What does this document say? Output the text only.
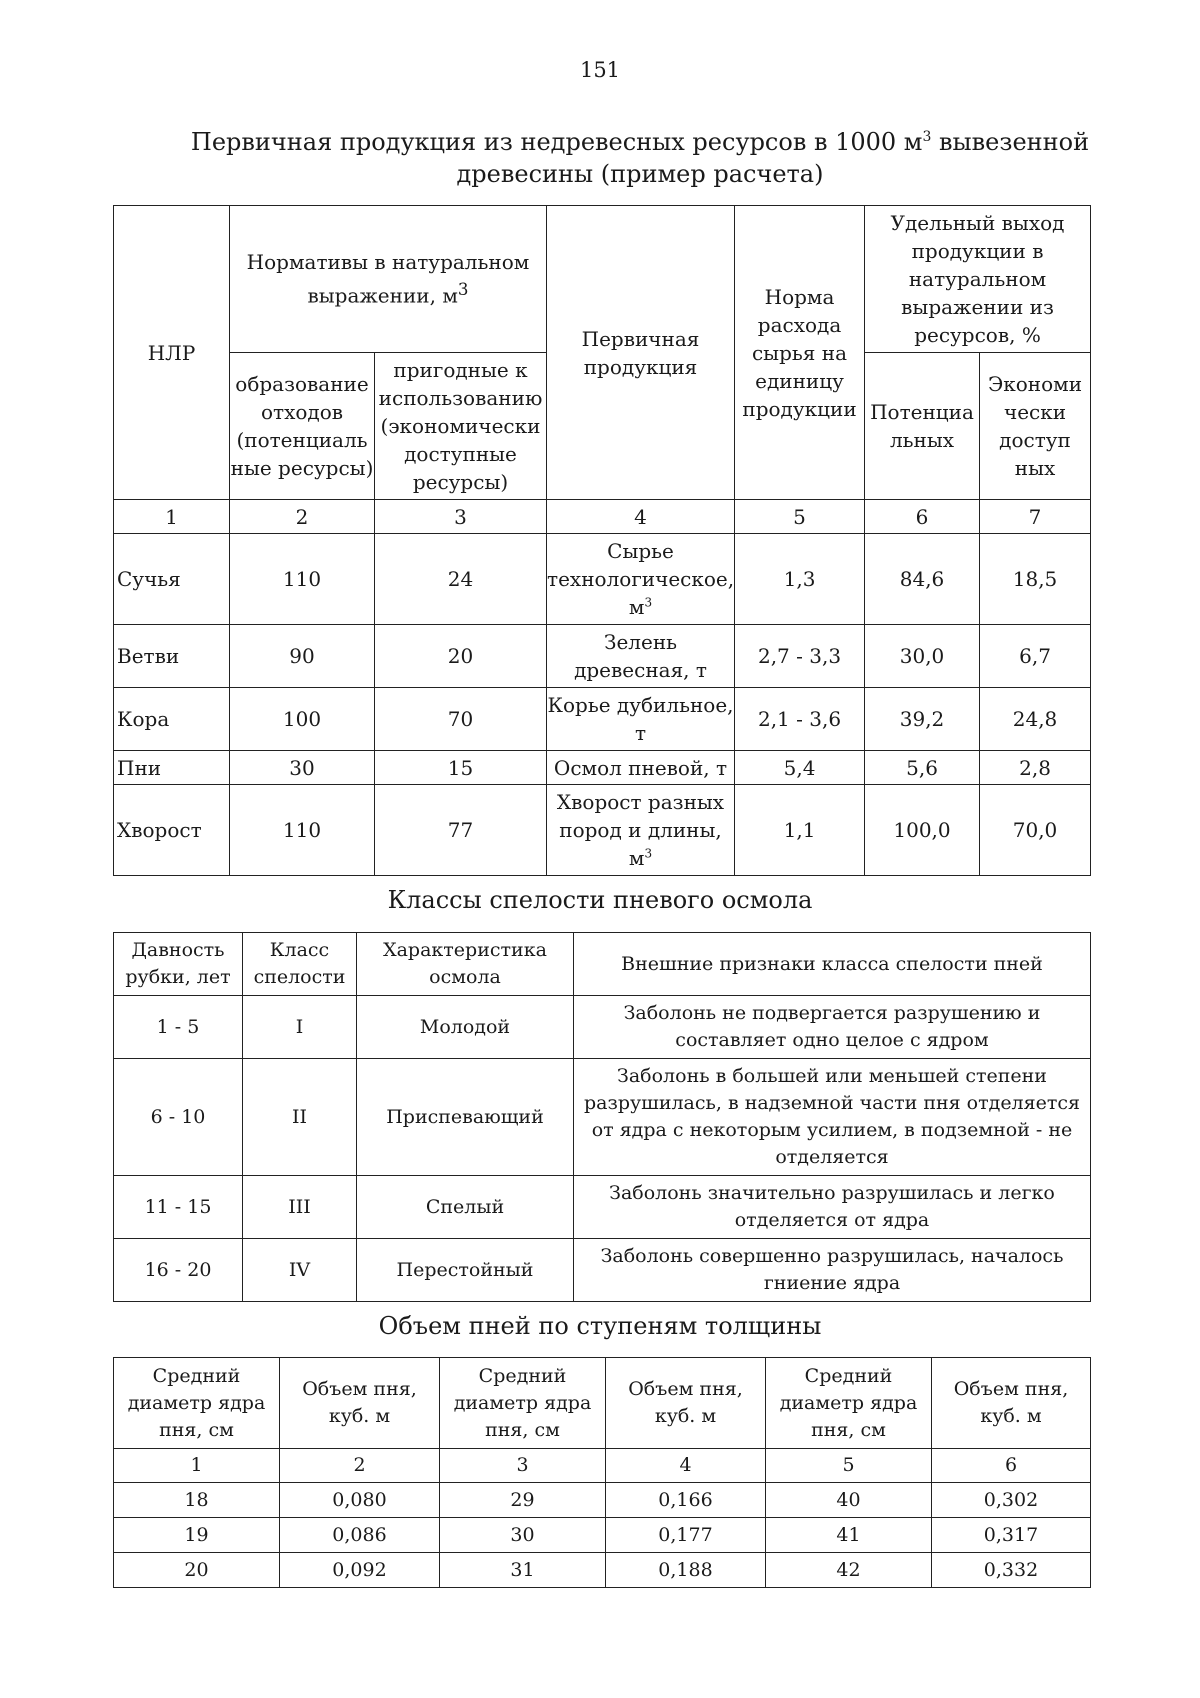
151
Первичная продукция из недревесных ресурсов в 1000 $м^3$ вывезенной
древесины (пример расчета)
НЛР	Нормативы в натуральном выражении, $м^3$		Первичная продукция	Норма расхода сырья на единицу продукции	Удельный выход продукции в натуральном выражении из ресурсов, %	
	образование отходов (потенциаль ные ресурсы)	пригодные к использованию (экономически доступные ресурсы)			Потенциа льных	Экономи чески доступ ных
1	2	3	4	5	6	7
Сучья	110	24	Сырье технологическое, $м^3$	1,3	84,6	18,5
Ветви	90	20	Зелень древесная, т	2,7 - 3,3	30,0	6,7
Кора	100	70	Корье дубильное, т	2,1 - 3,6	39,2	24,8
Пни	30	15	Осмол пневой, т	5,4	5,6	2,8
Хворост	110	77	Хворост разных пород и длины, $м^3$	1,1	100,0	70,0
Классы спелости пневого осмола
Давность рубки, лет	Класс спелости	Характеристика осмола	Внешние признаки класса спелости пней
1 - 5	I	Молодой	Заболонь не подвергается разрушению и составляет одно целое с ядром
6 - 10	II	Приспевающий	Заболонь в большей или меньшей степени разрушилась, в надземной части пня отделяется от ядра с некоторым усилием, в подземной - не отделяется
11 - 15	III	Спелый	Заболонь значительно разрушилась и легко отделяется от ядра
16 - 20	IV	Перестойный	Заболонь совершенно разрушилась, началось гниение ядра
Объем пней по ступеням толщины
Средний диаметр ядра пня, см	Объем пня, куб. м	Средний диаметр ядра пня, см	Объем пня, куб. м	Средний диаметр ядра пня, см	Объем пня, куб. м
1	2	3	4	5	6
18	0,080	29	0,166	40	0,302
19	0,086	30	0,177	41	0,317
20	0,092	31	0,188	42	0,332
